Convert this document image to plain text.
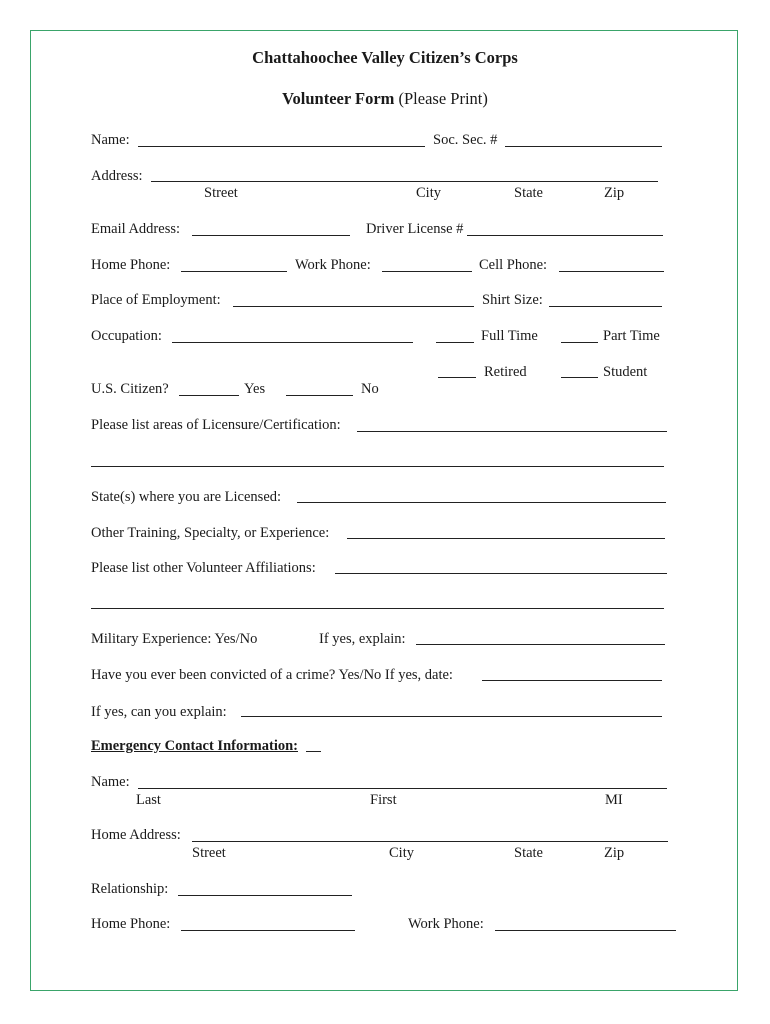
Chattahoochee Valley Citizen’s Corps
Volunteer Form (Please Print)
Name:	Soc. Sec. #
Address:
Street	City	State	Zip
Email Address:	Driver License #
Home Phone:	Work Phone:	Cell Phone:
Place of Employment:	Shirt Size:
Occupation:	Full Time	Part Time
Retired	Student
U.S. Citizen?	Yes	No
Please list areas of Licensure/Certification:
State(s) where you are Licensed:
Other Training, Specialty, or Experience:
Please list other Volunteer Affiliations:
Military Experience: Yes/No	If yes, explain:
Have you ever been convicted of a crime? Yes/No If yes, date:
If yes, can you explain:
Emergency Contact Information:
Name:
Last	First	MI
Home Address:
Street	City	State	Zip
Relationship:
Home Phone:	Work Phone:
